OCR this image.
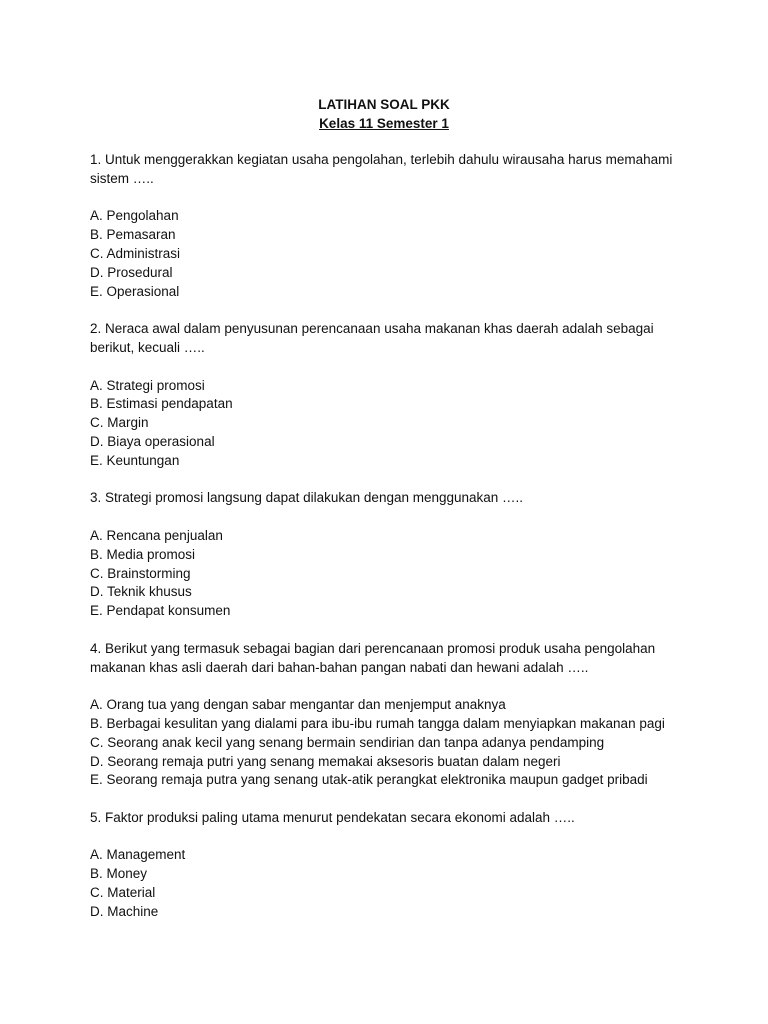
LATIHAN SOAL PKK
Kelas 11 Semester 1

1. Untuk menggerakkan kegiatan usaha pengolahan, terlebih dahulu wirausaha harus memahami sistem …..

A. Pengolahan
B. Pemasaran
C. Administrasi
D. Prosedural
E. Operasional

2. Neraca awal dalam penyusunan perencanaan usaha makanan khas daerah adalah sebagai berikut, kecuali …..

A. Strategi promosi
B. Estimasi pendapatan
C. Margin
D. Biaya operasional
E. Keuntungan

3. Strategi promosi langsung dapat dilakukan dengan menggunakan …..

A. Rencana penjualan
B. Media promosi
C. Brainstorming
D. Teknik khusus
E. Pendapat konsumen

4. Berikut yang termasuk sebagai bagian dari perencanaan promosi produk usaha pengolahan makanan khas asli daerah dari bahan-bahan pangan nabati dan hewani adalah …..

A. Orang tua yang dengan sabar mengantar dan menjemput anaknya
B. Berbagai kesulitan yang dialami para ibu-ibu rumah tangga dalam menyiapkan makanan pagi
C. Seorang anak kecil yang senang bermain sendirian dan tanpa adanya pendamping
D. Seorang remaja putri yang senang memakai aksesoris buatan dalam negeri
E. Seorang remaja putra yang senang utak-atik perangkat elektronika maupun gadget pribadi

5. Faktor produksi paling utama menurut pendekatan secara ekonomi adalah …..

A. Management
B. Money
C. Material
D. Machine
